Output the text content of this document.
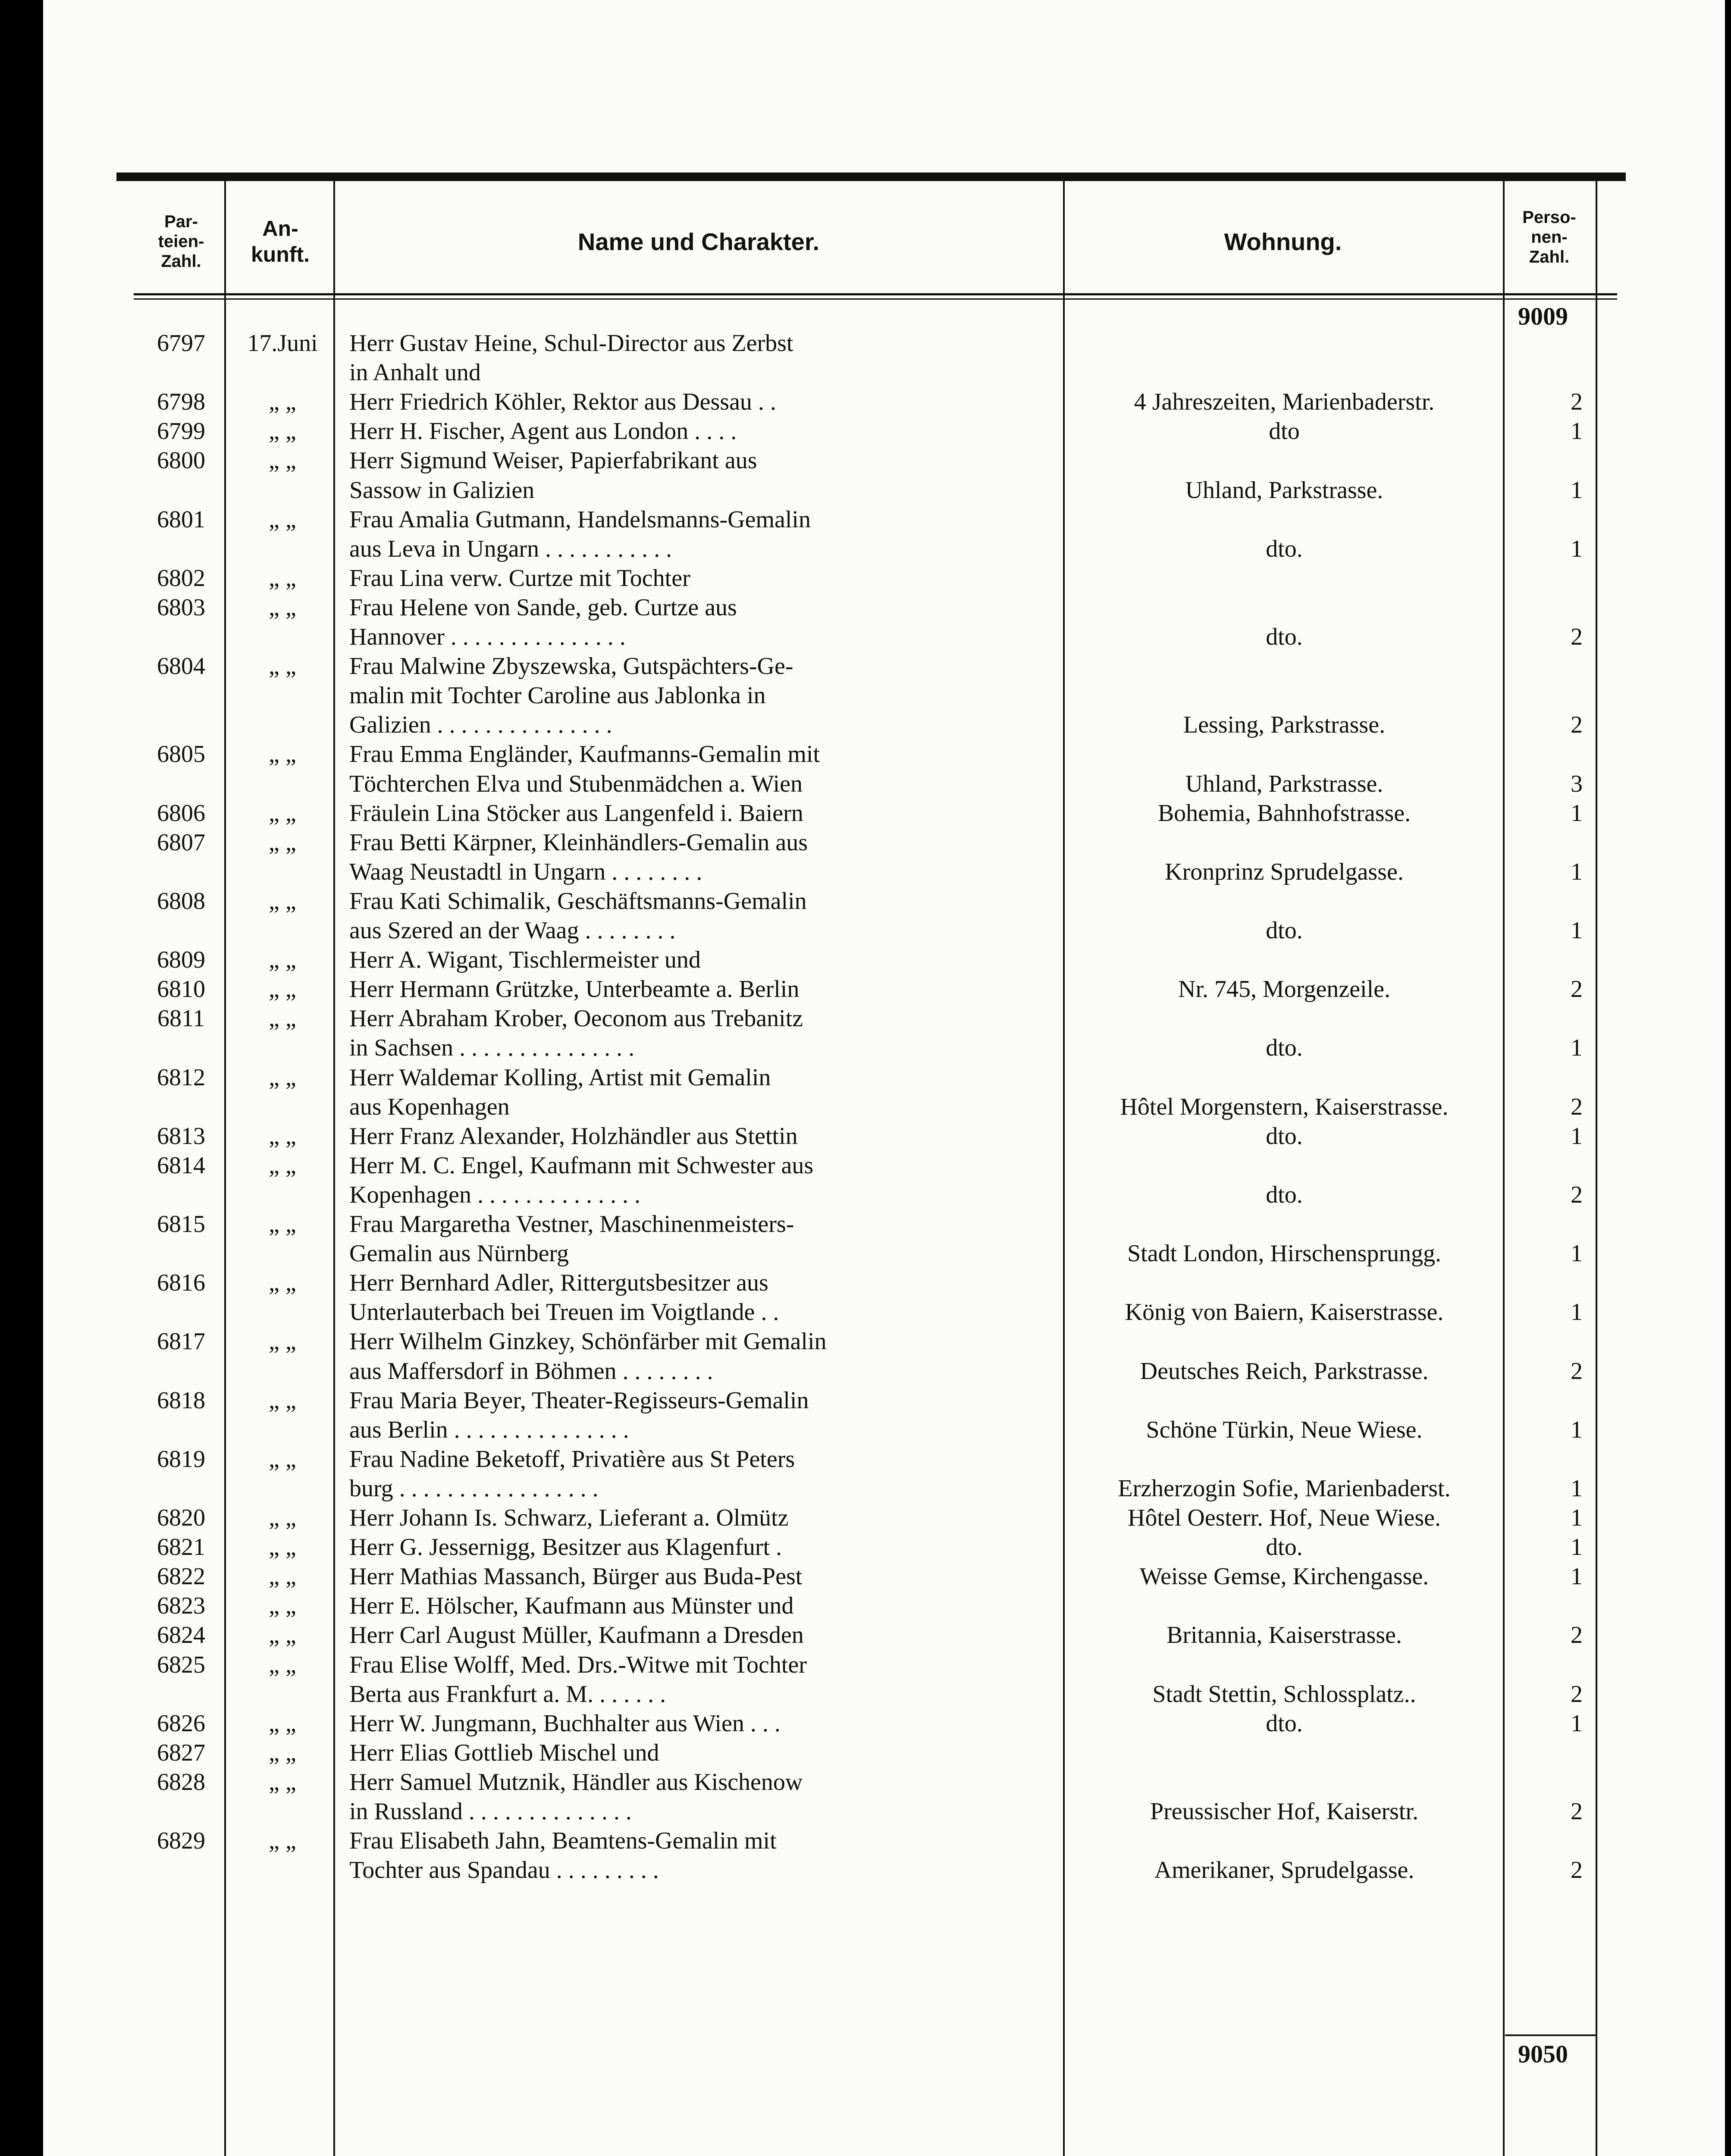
Par-
teien-
Zahl.
An-
kunft.	Name und Charakter.	Wohnung.
Perso-
nen-
Zahl.
9009
9050
6797	17.Juni	Herr Gustav Heine, Schul-Director aus Zerbst
in Anhalt und
6798	„ „	Herr Friedrich Köhler, Rektor aus Dessau . .	4 Jahreszeiten, Marienbaderstr.	2
6799	„ „	Herr H. Fischer, Agent aus London . . . .	dto	1
6800	„ „	Herr Sigmund Weiser, Papierfabrikant aus
Sassow in Galizien	Uhland, Parkstrasse.	1
6801	„ „	Frau Amalia Gutmann, Handelsmanns-Gemalin
aus Leva in Ungarn . . . . . . . . . . .	dto.	1
6802	„ „	Frau Lina verw. Curtze mit Tochter
6803	„ „	Frau Helene von Sande, geb. Curtze aus
Hannover . . . . . . . . . . . . . . .	dto.	2
6804	„ „	Frau Malwine Zbyszewska, Gutspächters-Ge-
malin mit Tochter Caroline aus Jablonka in
Galizien . . . . . . . . . . . . . . .	Lessing, Parkstrasse.	2
6805	„ „	Frau Emma Engländer, Kaufmanns-Gemalin mit
Töchterchen Elva und Stubenmädchen a. Wien	Uhland, Parkstrasse.	3
6806	„ „	Fräulein Lina Stöcker aus Langenfeld i. Baiern	Bohemia, Bahnhofstrasse.	1
6807	„ „	Frau Betti Kärpner, Kleinhändlers-Gemalin aus
Waag Neustadtl in Ungarn . . . . . . . .	Kronprinz Sprudelgasse.	1
6808	„ „	Frau Kati Schimalik, Geschäftsmanns-Gemalin
aus Szered an der Waag . . . . . . . .	dto.	1
6809	„ „	Herr A. Wigant, Tischlermeister und
6810	„ „	Herr Hermann Grützke, Unterbeamte a. Berlin	Nr. 745, Morgenzeile.	2
6811	„ „	Herr Abraham Krober, Oeconom aus Trebanitz
in Sachsen . . . . . . . . . . . . . . .	dto.	1
6812	„ „	Herr Waldemar Kolling, Artist mit Gemalin
aus Kopenhagen	Hôtel Morgenstern, Kaiserstrasse.	2
6813	„ „	Herr Franz Alexander, Holzhändler aus Stettin	dto.	1
6814	„ „	Herr M. C. Engel, Kaufmann mit Schwester aus
Kopenhagen . . . . . . . . . . . . . .	dto.	2
6815	„ „	Frau Margaretha Vestner, Maschinenmeisters-
Gemalin aus Nürnberg	Stadt London, Hirschensprungg.	1
6816	„ „	Herr Bernhard Adler, Rittergutsbesitzer aus
Unterlauterbach bei Treuen im Voigtlande . .	König von Baiern, Kaiserstrasse.	1
6817	„ „	Herr Wilhelm Ginzkey, Schönfärber mit Gemalin
aus Maffersdorf in Böhmen . . . . . . . .	Deutsches Reich, Parkstrasse.	2
6818	„ „	Frau Maria Beyer, Theater-Regisseurs-Gemalin
aus Berlin . . . . . . . . . . . . . . .	Schöne Türkin, Neue Wiese.	1
6819	„ „	Frau Nadine Beketoff, Privatière aus St Peters
burg . . . . . . . . . . . . . . . . .	Erzherzogin Sofie, Marienbaderst.	1
6820	„ „	Herr Johann Is. Schwarz, Lieferant a. Olmütz	Hôtel Oesterr. Hof, Neue Wiese.	1
6821	„ „	Herr G. Jessernigg, Besitzer aus Klagenfurt .	dto.	1
6822	„ „	Herr Mathias Massanch, Bürger aus Buda-Pest	Weisse Gemse, Kirchengasse.	1
6823	„ „	Herr E. Hölscher, Kaufmann aus Münster und
6824	„ „	Herr Carl August Müller, Kaufmann a Dresden	Britannia, Kaiserstrasse.	2
6825	„ „	Frau Elise Wolff, Med. Drs.-Witwe mit Tochter
Berta aus Frankfurt a. M. . . . . . .	Stadt Stettin, Schlossplatz..	2
6826	„ „	Herr W. Jungmann, Buchhalter aus Wien . . .	dto.	1
6827	„ „	Herr Elias Gottlieb Mischel und
6828	„ „	Herr Samuel Mutznik, Händler aus Kischenow
in Russland . . . . . . . . . . . . . .	Preussischer Hof, Kaiserstr.	2
6829	„ „	Frau Elisabeth Jahn, Beamtens-Gemalin mit
Tochter aus Spandau . . . . . . . . .	Amerikaner, Sprudelgasse.	2
